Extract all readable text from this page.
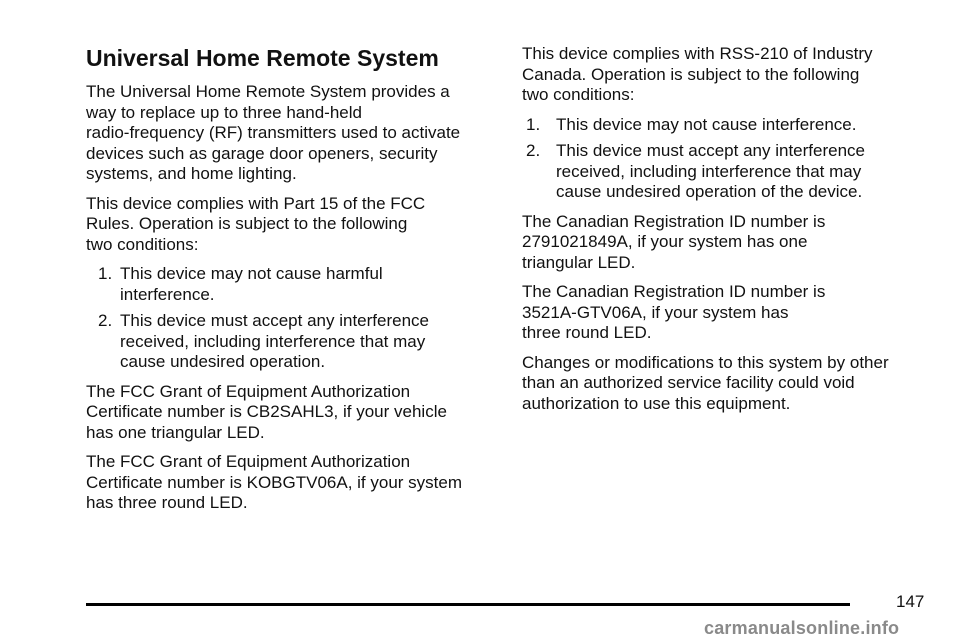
Universal Home Remote System

The Universal Home Remote System provides a
way to replace up to three hand-held
radio-frequency (RF) transmitters used to activate
devices such as garage door openers, security
systems, and home lighting.

This device complies with Part 15 of the FCC
Rules. Operation is subject to the following
two conditions:

1. This device may not cause harmful
interference.
2. This device must accept any interference
received, including interference that may
cause undesired operation.

The FCC Grant of Equipment Authorization
Certificate number is CB2SAHL3, if your vehicle
has one triangular LED.

The FCC Grant of Equipment Authorization
Certificate number is KOBGTV06A, if your system
has three round LED.

This device complies with RSS-210 of Industry
Canada. Operation is subject to the following
two conditions:

1. This device may not cause interference.
2. This device must accept any interference
received, including interference that may
cause undesired operation of the device.

The Canadian Registration ID number is
2791021849A, if your system has one
triangular LED.

The Canadian Registration ID number is
3521A-GTV06A, if your system has
three round LED.

Changes or modifications to this system by other
than an authorized service facility could void
authorization to use this equipment.

147
carmanualsonline.info
